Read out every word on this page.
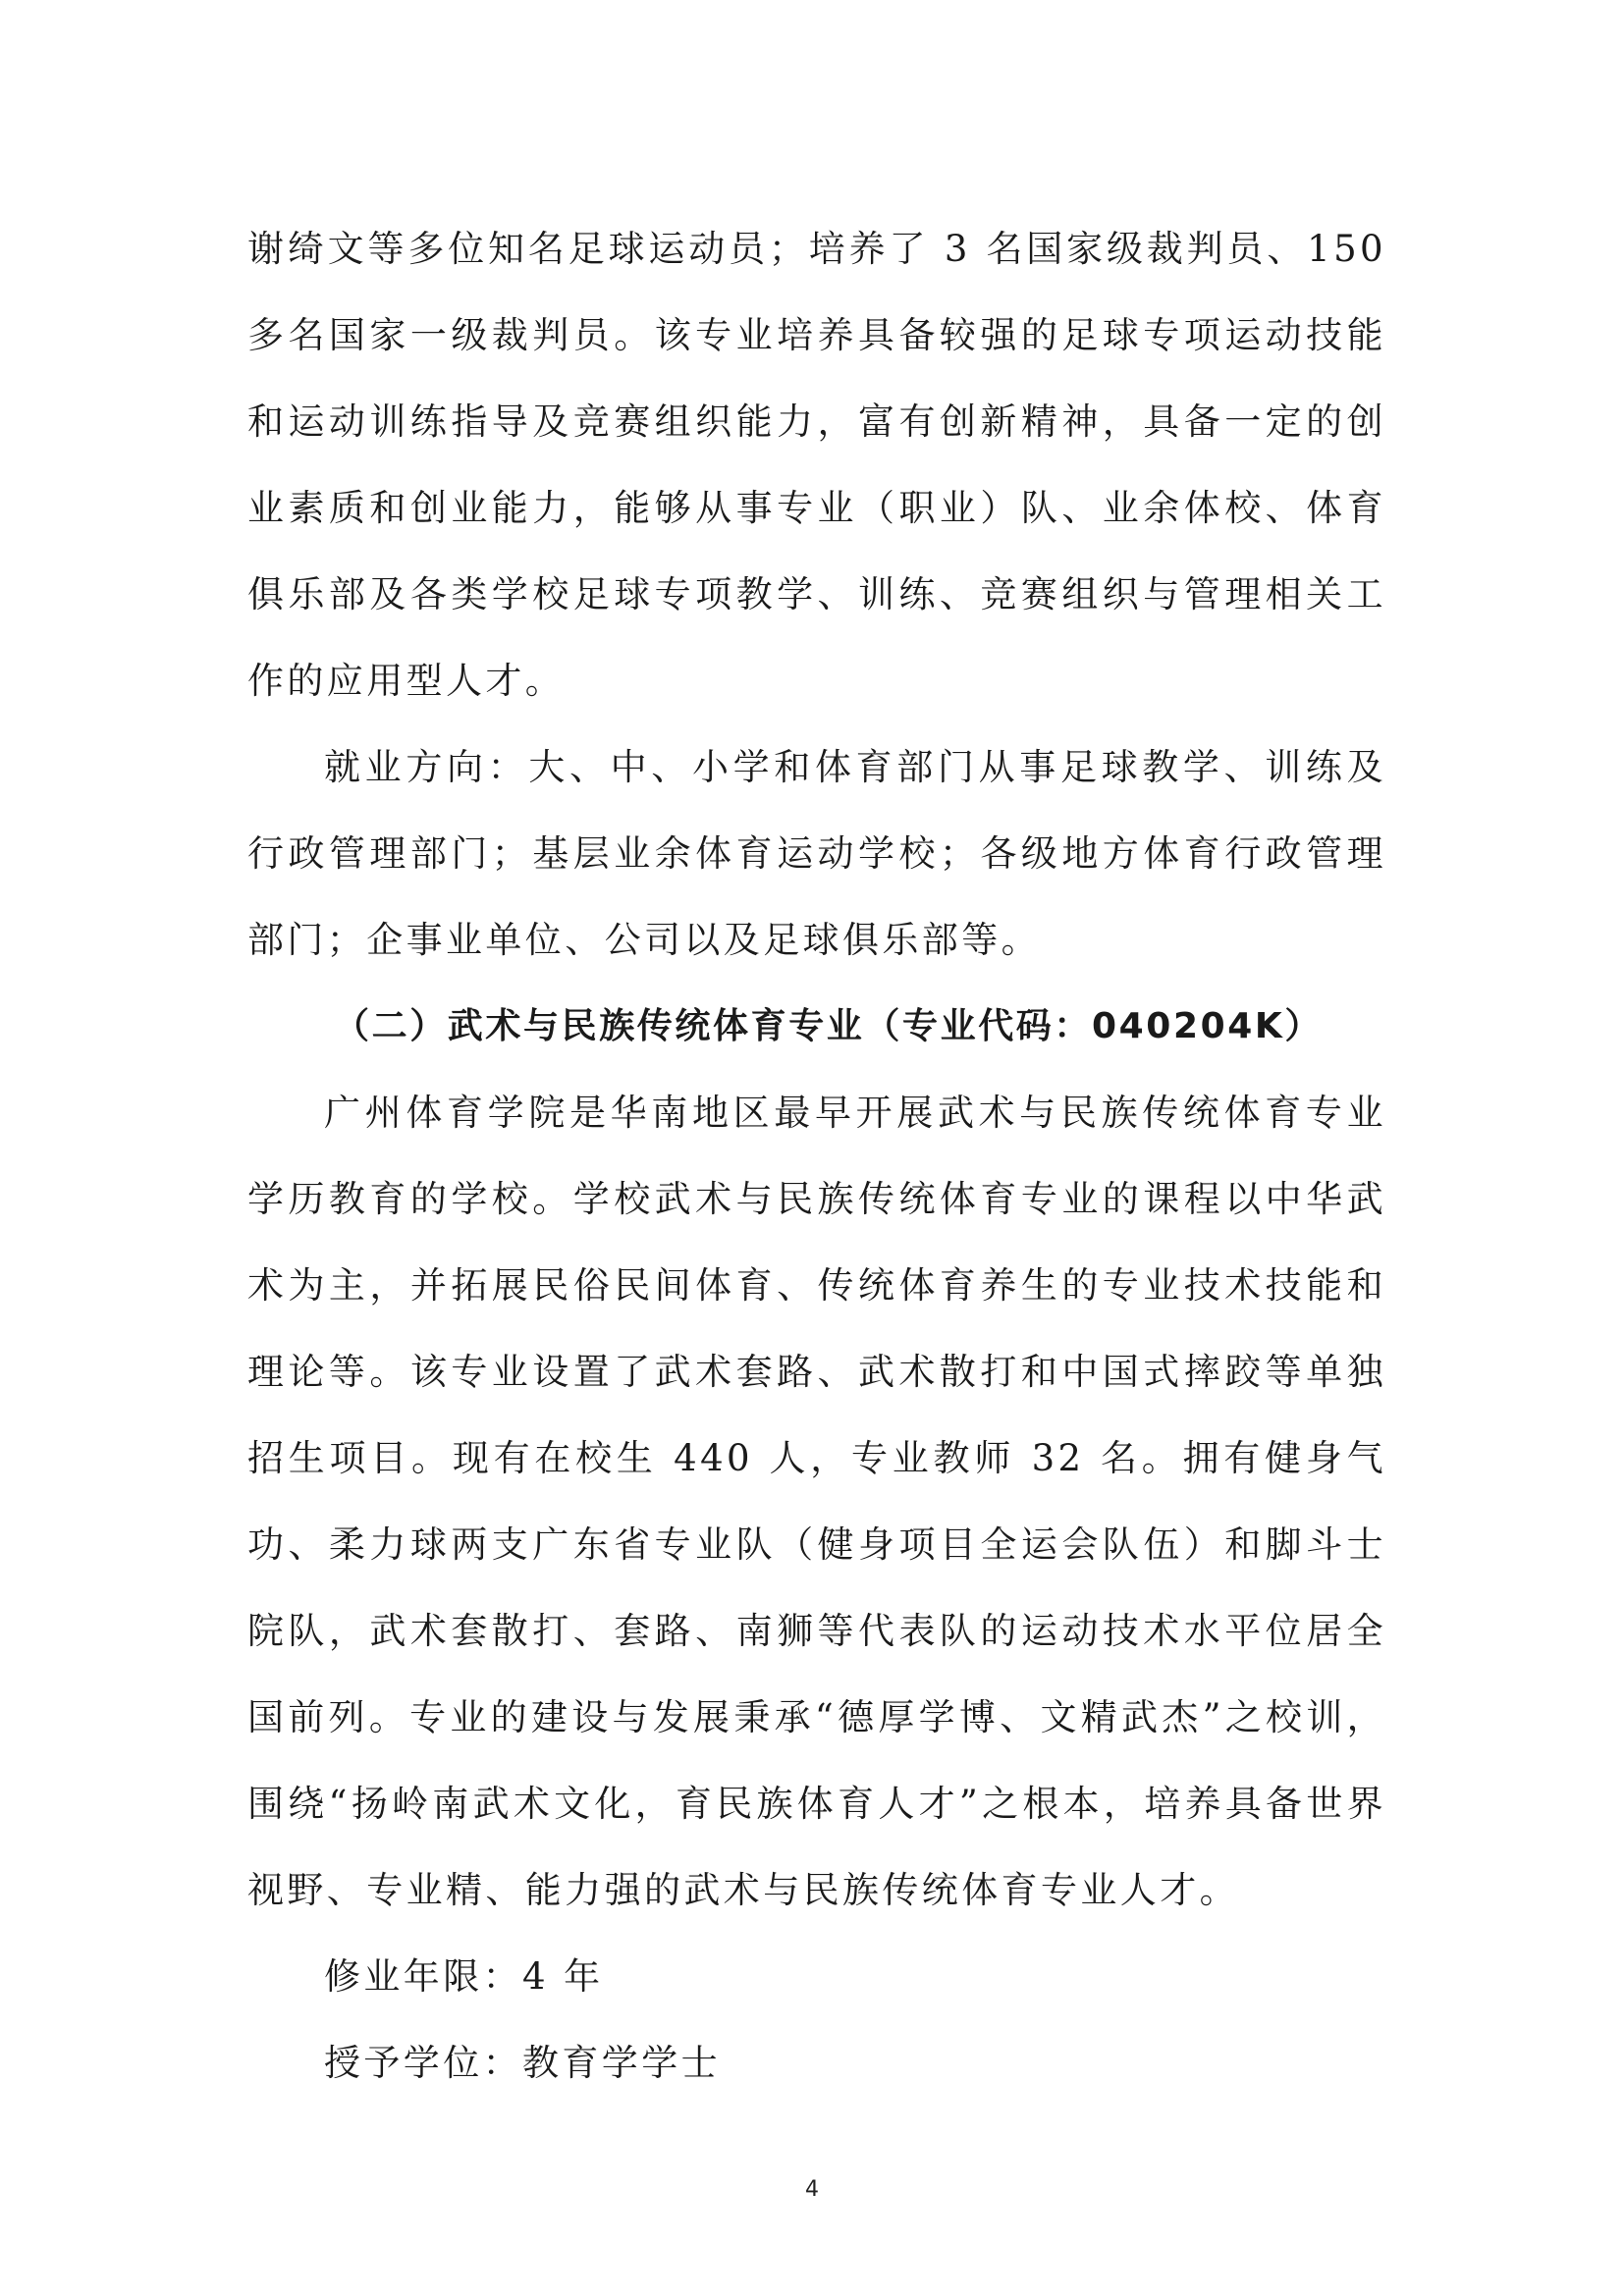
谢绮文等多位知名足球运动员；培养了 3 名国家级裁判员、150 多名国家一级裁判员。该专业培养具备较强的足球专项运动技能和运动训练指导及竞赛组织能力，富有创新精神，具备一定的创业素质和创业能力，能够从事专业（职业）队、业余体校、体育俱乐部及各类学校足球专项教学、训练、竞赛组织与管理相关工作的应用型人才。

就业方向：大、中、小学和体育部门从事足球教学、训练及行政管理部门；基层业余体育运动学校；各级地方体育行政管理部门；企事业单位、公司以及足球俱乐部等。

（二）武术与民族传统体育专业（专业代码：040204K）

广州体育学院是华南地区最早开展武术与民族传统体育专业学历教育的学校。学校武术与民族传统体育专业的课程以中华武术为主，并拓展民俗民间体育、传统体育养生的专业技术技能和理论等。该专业设置了武术套路、武术散打和中国式摔跤等单独招生项目。现有在校生 440 人，专业教师 32 名。拥有健身气功、柔力球两支广东省专业队（健身项目全运会队伍）和脚斗士院队，武术套散打、套路、南狮等代表队的运动技术水平位居全国前列。专业的建设与发展秉承“德厚学博、文精武杰”之校训，围绕“扬岭南武术文化，育民族体育人才”之根本，培养具备世界视野、专业精、能力强的武术与民族传统体育专业人才。

修业年限：4 年

授予学位：教育学学士

4
